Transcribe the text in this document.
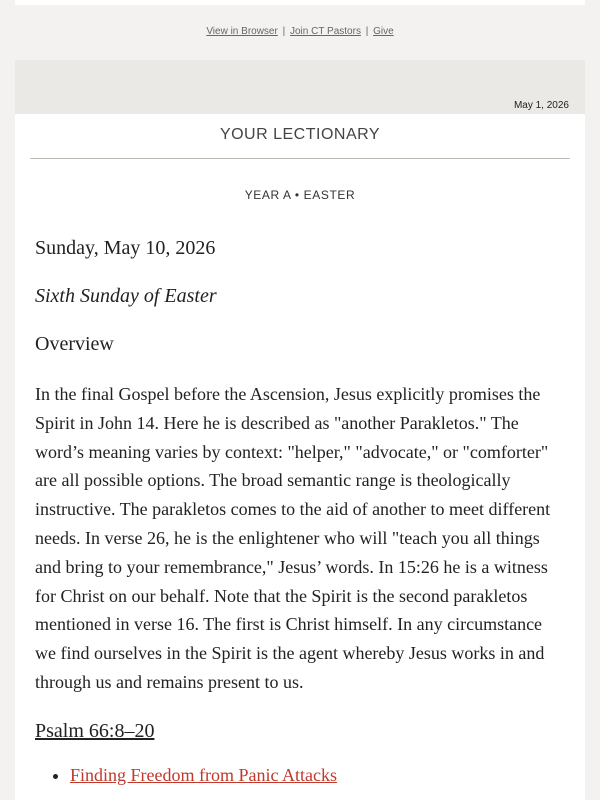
View in Browser | Join CT Pastors | Give
May 1, 2026
YOUR LECTIONARY
YEAR A • EASTER
Sunday, May 10, 2026
Sixth Sunday of Easter
Overview

In the final Gospel before the Ascension, Jesus explicitly promises the Spirit in John 14. Here he is described as "another Parakletos." The word’s meaning varies by context: "helper," "advocate," or "comforter" are all possible options. The broad semantic range is theologically instructive. The parakletos comes to the aid of another to meet different needs. In verse 26, he is the enlightener who will "teach you all things and bring to your remembrance," Jesus’ words. In 15:26 he is a witness for Christ on our behalf. Note that the Spirit is the second parakletos mentioned in verse 16. The first is Christ himself. In any circumstance we find ourselves in the Spirit is the agent whereby Jesus works in and through us and remains present to us.

Psalm 66:8–20
• Finding Freedom from Panic Attacks
